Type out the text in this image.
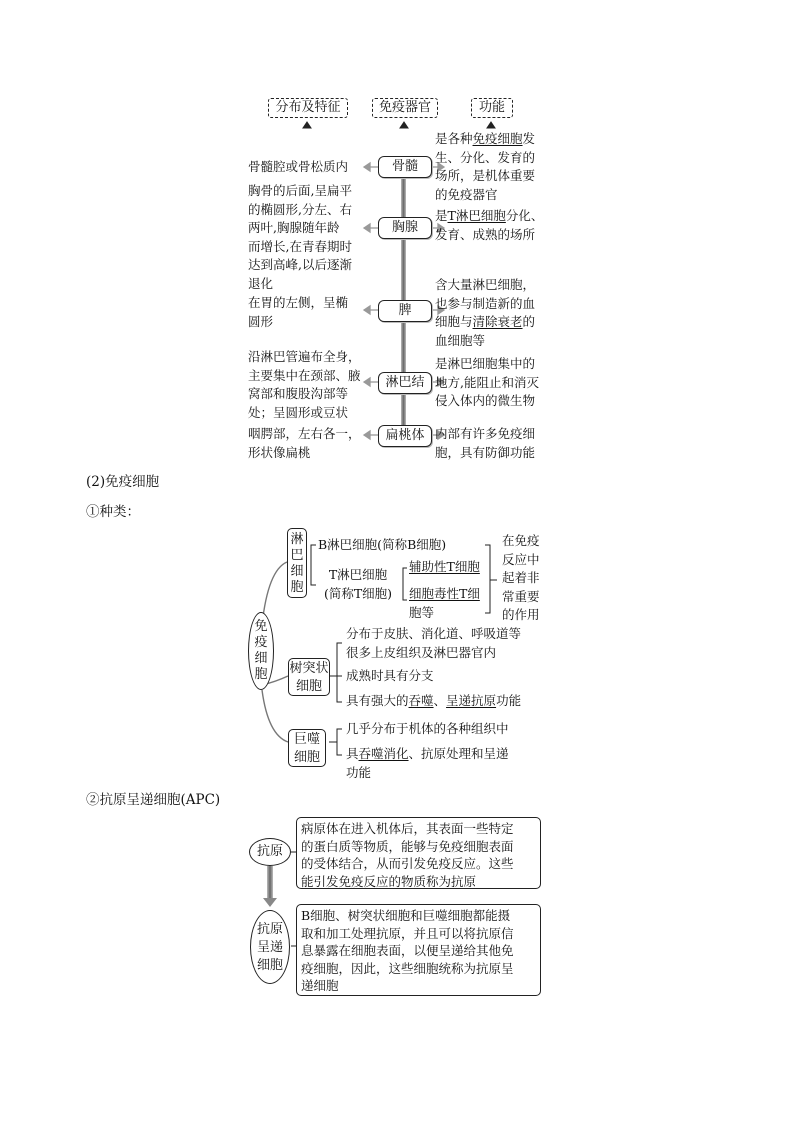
分布及特征	免疫器官	功能
骨髓
骨髓腔或骨松质内
是各种免疫细胞发
生、分化、发育的
场所，是机体重要
的免疫器官
胸腺
胸骨的后面,呈扁平
的椭圆形,分左、右
两叶,胸腺随年龄
而增长,在青春期时
达到高峰,以后逐渐
退化
是T淋巴细胞分化、
发育、成熟的场所
脾
在胃的左侧，呈椭
圆形
含大量淋巴细胞，
也参与制造新的血
细胞与清除衰老的
血细胞等
淋巴结
沿淋巴管遍布全身，
主要集中在颈部、腋
窝部和腹股沟部等
处；呈圆形或豆状
是淋巴细胞集中的
地方,能阻止和消灭
侵入体内的微生物
扁桃体
咽腭部，左右各一，
形状像扁桃
内部有许多免疫细
胞，具有防御功能
(2)免疫细胞
①种类：
免
疫
细
胞
淋
巴
细
胞
B淋巴细胞(简称B细胞)
T淋巴细胞
(简称T细胞)
辅助性T细胞
细胞毒性T细
胞等
在免疫
反应中
起着非
常重要
的作用
树突状
细胞
分布于皮肤、消化道、呼吸道等
很多上皮组织及淋巴器官内
成熟时具有分支
具有强大的吞噬、呈递抗原功能
巨噬
细胞
几乎分布于机体的各种组织中
具吞噬消化、抗原处理和呈递
功能
②抗原呈递细胞(APC)
抗原
病原体在进入机体后，其表面一些特定
的蛋白质等物质，能够与免疫细胞表面
的受体结合，从而引发免疫反应。这些
能引发免疫反应的物质称为抗原
抗原
呈递
细胞
B细胞、树突状细胞和巨噬细胞都能摄
取和加工处理抗原，并且可以将抗原信
息暴露在细胞表面，以便呈递给其他免
疫细胞，因此，这些细胞统称为抗原呈
递细胞
